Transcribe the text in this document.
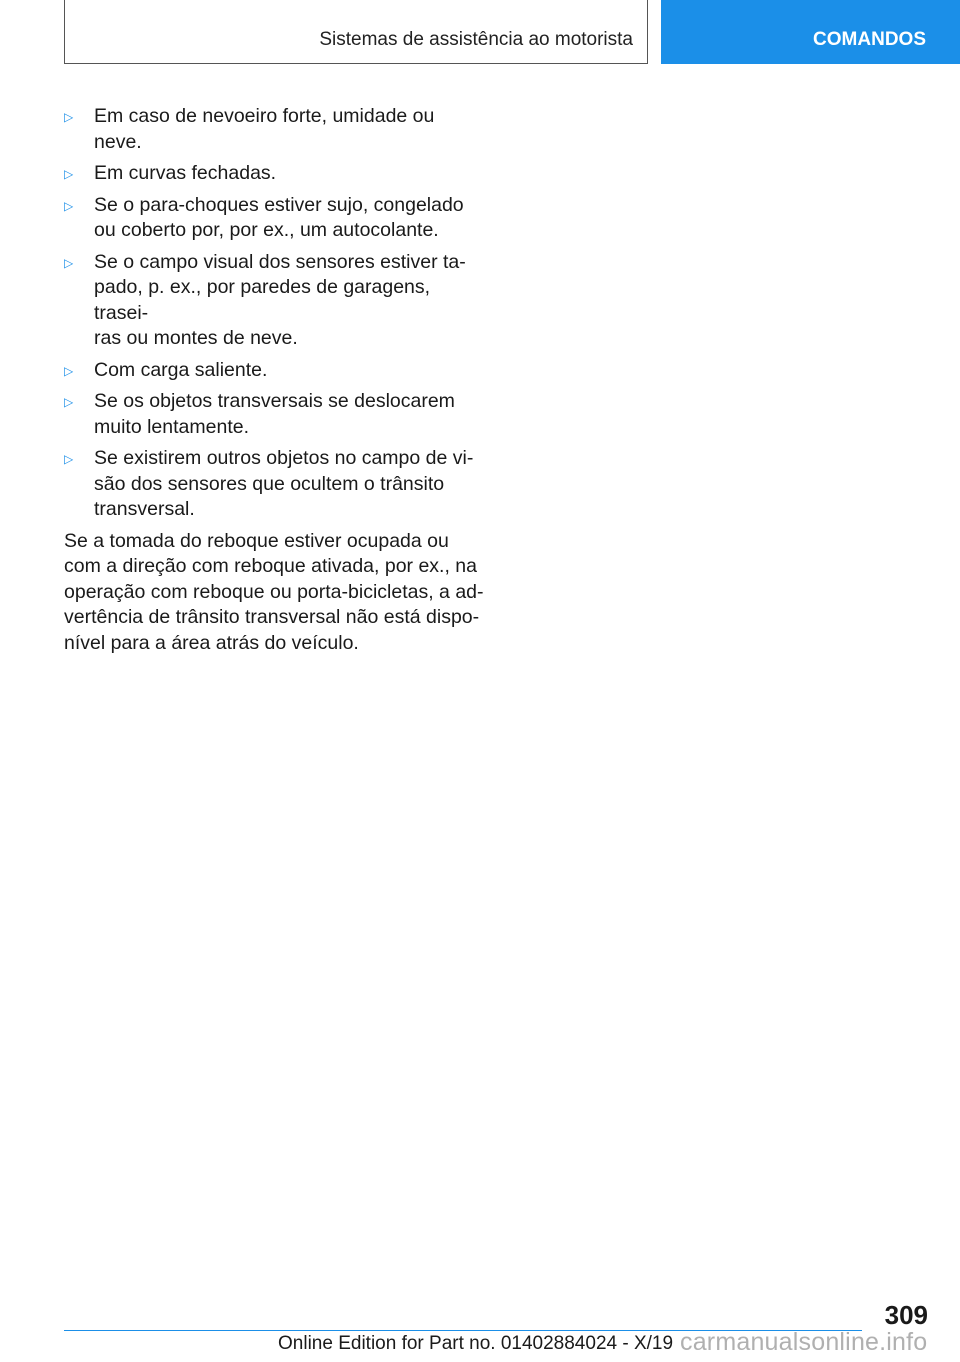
Sistemas de assistência ao motorista	COMANDOS
▷	Em caso de nevoeiro forte, umidade ou neve.
▷	Em curvas fechadas.
▷	Se o para-choques estiver sujo, congelado
ou coberto por, por ex., um autocolante.
▷	Se o campo visual dos sensores estiver ta-
pado, p. ex., por paredes de garagens, trasei-
ras ou montes de neve.
▷	Com carga saliente.
▷	Se os objetos transversais se deslocarem
muito lentamente.
▷	Se existirem outros objetos no campo de vi-
são dos sensores que ocultem o trânsito
transversal.

Se a tomada do reboque estiver ocupada ou
com a direção com reboque ativada, por ex., na
operação com reboque ou porta-bicicletas, a ad-
vertência de trânsito transversal não está dispo-
nível para a área atrás do veículo.

309
Online Edition for Part no. 01402884024 - X/19 carmanualsonline.info
